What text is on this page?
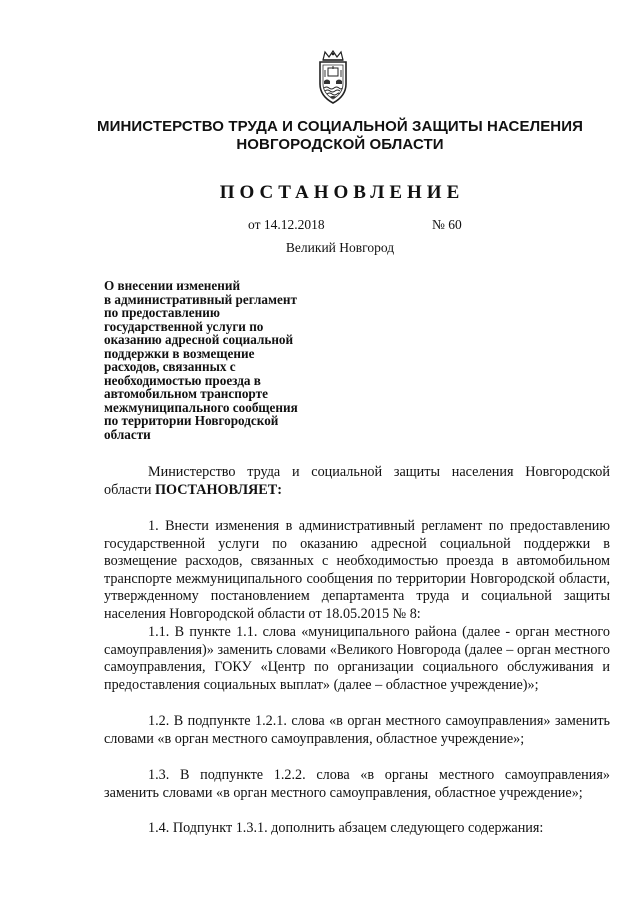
МИНИСТЕРСТВО ТРУДА И СОЦИАЛЬНОЙ ЗАЩИТЫ НАСЕЛЕНИЯ
НОВГОРОДСКОЙ ОБЛАСТИ
ПОСТАНОВЛЕНИЕ
от 14.12.2018	№ 60
Великий Новгород
О внесении изменений
в административный регламент
по предоставлению
государственной услуги по
оказанию адресной социальной
поддержки в возмещение
расходов, связанных с
необходимостью проезда в
автомобильном транспорте
межмуниципального сообщения
по территории Новгородской
области
Министерство труда и социальной защиты населения Новгородской области ПОСТАНОВЛЯЕТ:
1. Внести изменения в административный регламент по предоставлению государственной услуги по оказанию адресной социальной поддержки в возмещение расходов, связанных с необходимостью проезда в автомобильном транспорте межмуниципального сообщения по территории Новгородской области, утвержденному постановлением департамента труда и социальной защиты населения Новгородской области от 18.05.2015 № 8:
1.1. В пункте 1.1. слова «муниципального района (далее - орган местного самоуправления)» заменить словами «Великого Новгорода (далее – орган местного самоуправления, ГОКУ «Центр по организации социального обслуживания и предоставления социальных выплат» (далее – областное учреждение)»;
1.2. В подпункте 1.2.1. слова «в орган местного самоуправления» заменить словами «в орган местного самоуправления, областное учреждение»;
1.3. В подпункте 1.2.2. слова «в органы местного самоуправления» заменить словами «в орган местного самоуправления, областное учреждение»;
1.4. Подпункт 1.3.1. дополнить абзацем следующего содержания:
